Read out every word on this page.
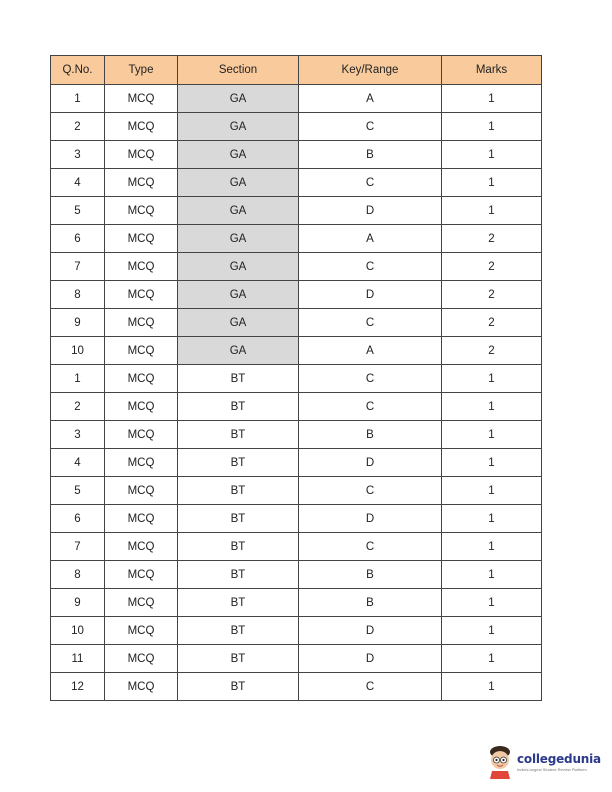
Q.No.	Type	Section	Key/Range	Marks
1	MCQ	GA	A	1
2	MCQ	GA	C	1
3	MCQ	GA	B	1
4	MCQ	GA	C	1
5	MCQ	GA	D	1
6	MCQ	GA	A	2
7	MCQ	GA	C	2
8	MCQ	GA	D	2
9	MCQ	GA	C	2
10	MCQ	GA	A	2
1	MCQ	BT	C	1
2	MCQ	BT	C	1
3	MCQ	BT	B	1
4	MCQ	BT	D	1
5	MCQ	BT	C	1
6	MCQ	BT	D	1
7	MCQ	BT	C	1
8	MCQ	BT	B	1
9	MCQ	BT	B	1
10	MCQ	BT	D	1
11	MCQ	BT	D	1
12	MCQ	BT	C	1
collegedunia
India's largest Student Review Platform
